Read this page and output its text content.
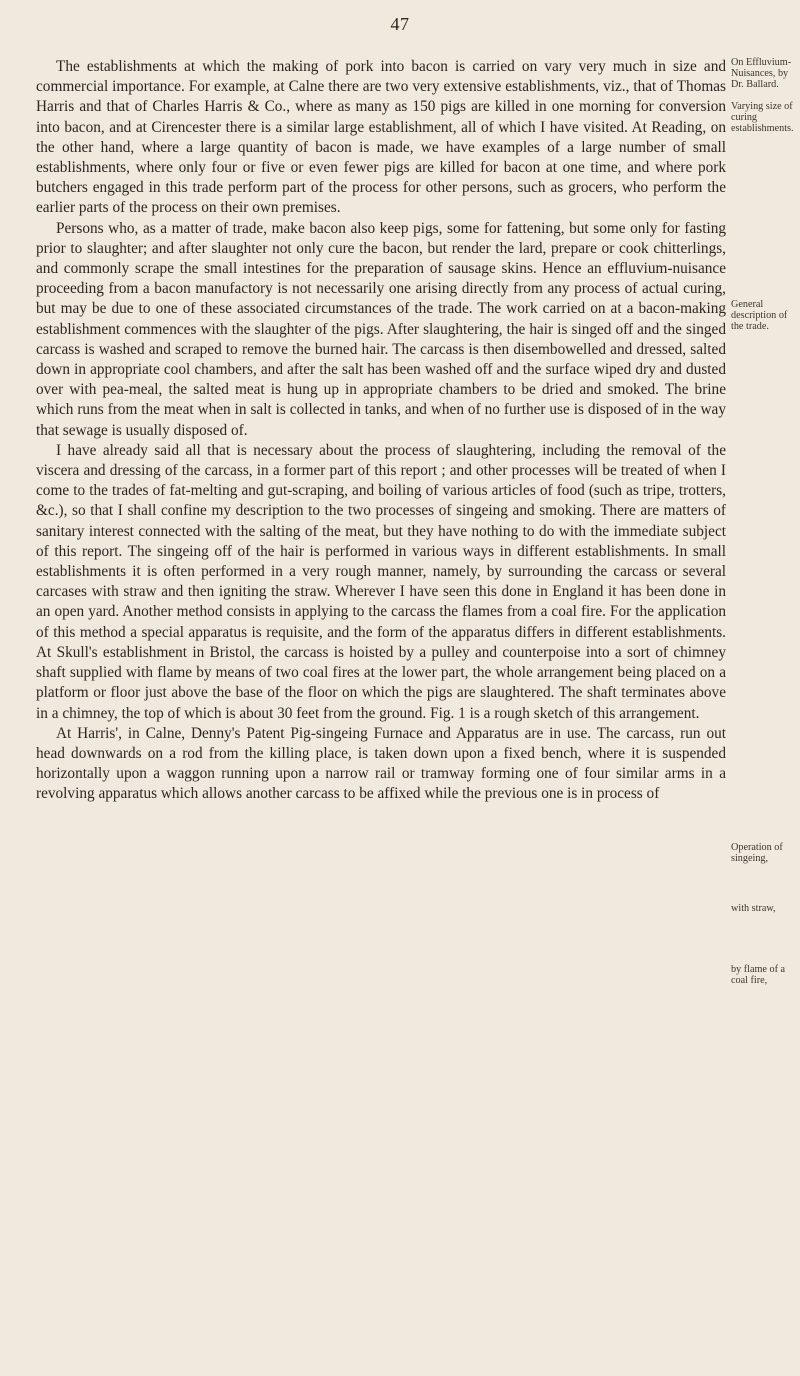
47

The establishments at which the making of pork into bacon is carried on vary very much in size and commercial importance. For example, at Calne there are two very extensive establishments, viz., that of Thomas Harris and that of Charles Harris & Co., where as many as 150 pigs are killed in one morning for conversion into bacon, and at Cirencester there is a similar large establishment, all of which I have visited. At Reading, on the other hand, where a large quantity of bacon is made, we have examples of a large number of small establishments, where only four or five or even fewer pigs are killed for bacon at one time, and where pork butchers engaged in this trade perform part of the process for other persons, such as grocers, who perform the earlier parts of the process on their own premises.

Persons who, as a matter of trade, make bacon also keep pigs, some for fattening, but some only for fasting prior to slaughter; and after slaughter not only cure the bacon, but render the lard, prepare or cook chitterlings, and commonly scrape the small intestines for the preparation of sausage skins. Hence an effluvium-nuisance proceeding from a bacon manufactory is not necessarily one arising directly from any process of actual curing, but may be due to one of these associated circumstances of the trade. The work carried on at a bacon-making establishment commences with the slaughter of the pigs. After slaughtering, the hair is singed off and the singed carcass is washed and scraped to remove the burned hair. The carcass is then disembowelled and dressed, salted down in appropriate cool chambers, and after the salt has been washed off and the surface wiped dry and dusted over with pea-meal, the salted meat is hung up in appropriate chambers to be dried and smoked. The brine which runs from the meat when in salt is collected in tanks, and when of no further use is disposed of in the way that sewage is usually disposed of.

I have already said all that is necessary about the process of slaughtering, including the removal of the viscera and dressing of the carcass, in a former part of this report ; and other processes will be treated of when I come to the trades of fat-melting and gut-scraping, and boiling of various articles of food (such as tripe, trotters, &c.), so that I shall confine my description to the two processes of singeing and smoking. There are matters of sanitary interest connected with the salting of the meat, but they have nothing to do with the immediate subject of this report. The singeing off of the hair is performed in various ways in different establishments. In small establishments it is often performed in a very rough manner, namely, by surrounding the carcass or several carcases with straw and then igniting the straw. Wherever I have seen this done in England it has been done in an open yard. Another method consists in applying to the carcass the flames from a coal fire. For the application of this method a special apparatus is requisite, and the form of the apparatus differs in different establishments. At Skull's establishment in Bristol, the carcass is hoisted by a pulley and counterpoise into a sort of chimney shaft supplied with flame by means of two coal fires at the lower part, the whole arrangement being placed on a platform or floor just above the base of the floor on which the pigs are slaughtered. The shaft terminates above in a chimney, the top of which is about 30 feet from the ground. Fig. 1 is a rough sketch of this arrangement.

At Harris', in Calne, Denny's Patent Pig-singeing Furnace and Apparatus are in use. The carcass, run out head downwards on a rod from the killing place, is taken down upon a fixed bench, where it is suspended horizontally upon a waggon running upon a narrow rail or tramway forming one of four similar arms in a revolving apparatus which allows another carcass to be affixed while the previous one is in process of

On Effluvium-Nuisances, by Dr. Ballard.
Varying size of curing establishments.
General description of the trade.
Operation of singeing,
with straw,
by flame of a coal fire,
